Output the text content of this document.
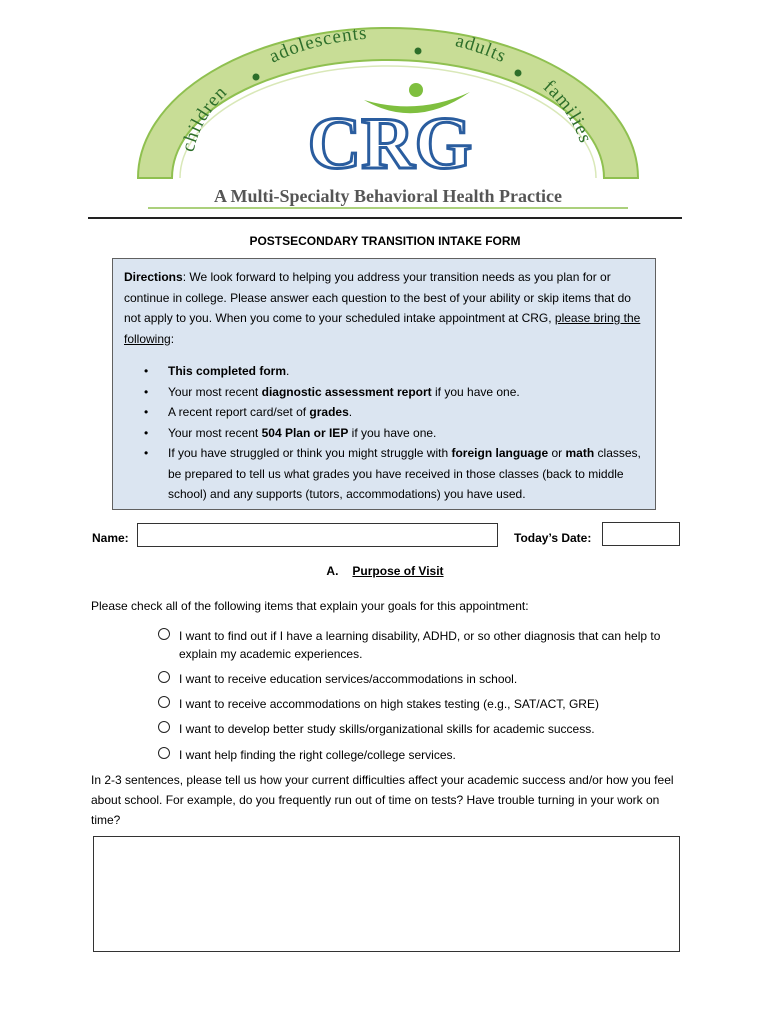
children
adolescents	adults
families
CRG
A Multi-Specialty Behavioral Health Practice
POSTSECONDARY TRANSITION INTAKE FORM

Directions: We look forward to helping you address your transition needs as you plan for or continue in college. Please answer each question to the best of your ability or skip items that do not apply to you. When you come to your scheduled intake appointment at CRG, please bring the following:

• This completed form.
• Your most recent diagnostic assessment report if you have one.
• A recent report card/set of grades.
• Your most recent 504 Plan or IEP if you have one.
• If you have struggled or think you might struggle with foreign language or math classes, be prepared to tell us what grades you have received in those classes (back to middle school) and any supports (tutors, accommodations) you have used.
Name:	Today’s Date:
A. Purpose of Visit
Please check all of the following items that explain your goals for this appointment:
I want to find out if I have a learning disability, ADHD, or so other diagnosis that can help to explain my academic experiences.
I want to receive education services/accommodations in school.
I want to receive accommodations on high stakes testing (e.g., SAT/ACT, GRE)
I want to develop better study skills/organizational skills for academic success.
I want help finding the right college/college services.
In 2-3 sentences, please tell us how your current difficulties affect your academic success and/or how you feel about school. For example, do you frequently run out of time on tests? Have trouble turning in your work on time?
